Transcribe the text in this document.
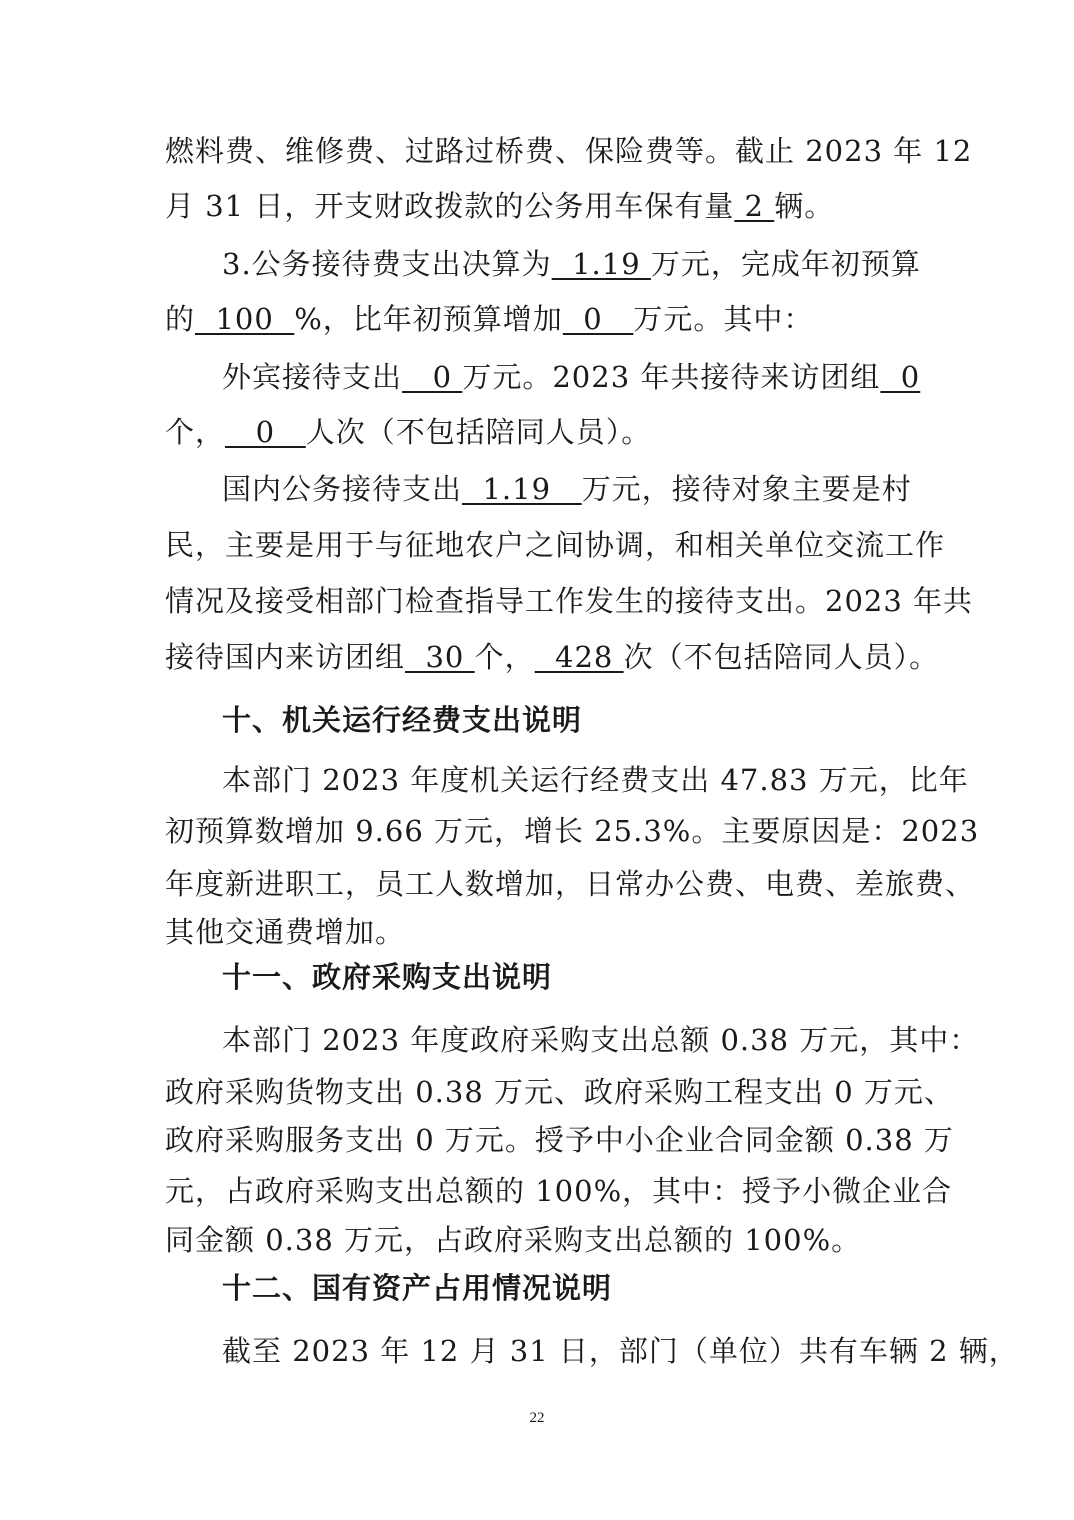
燃料费、维修费、过路过桥费、保险费等。截止 2023 年 12
月 31 日，开支财政拨款的公务用车保有量 2 辆。
3.公务接待费支出决算为  1.19 万元，完成年初预算
的  100  %，比年初预算增加  0   万元。其中：
外宾接待支出   0 万元。2023 年共接待来访团组  0
个，   0   人次（不包括陪同人员）。
国内公务接待支出  1.19   万元，接待对象主要是村
民，主要是用于与征地农户之间协调，和相关单位交流工作
情况及接受相部门检查指导工作发生的接待支出。2023 年共
接待国内来访团组  30 个，  428 次（不包括陪同人员）。
十、机关运行经费支出说明
本部门 2023 年度机关运行经费支出 47.83 万元，比年
初预算数增加 9.66 万元，增长 25.3%。主要原因是：2023
年度新进职工，员工人数增加，日常办公费、电费、差旅费、
其他交通费增加。
十一、政府采购支出说明
本部门 2023 年度政府采购支出总额 0.38 万元，其中：
政府采购货物支出 0.38 万元、政府采购工程支出 0 万元、
政府采购服务支出 0 万元。授予中小企业合同金额 0.38 万
元，占政府采购支出总额的 100%，其中：授予小微企业合
同金额 0.38 万元，占政府采购支出总额的 100%。
十二、国有资产占用情况说明
截至 2023 年 12 月 31 日，部门（单位）共有车辆 2 辆，
22
